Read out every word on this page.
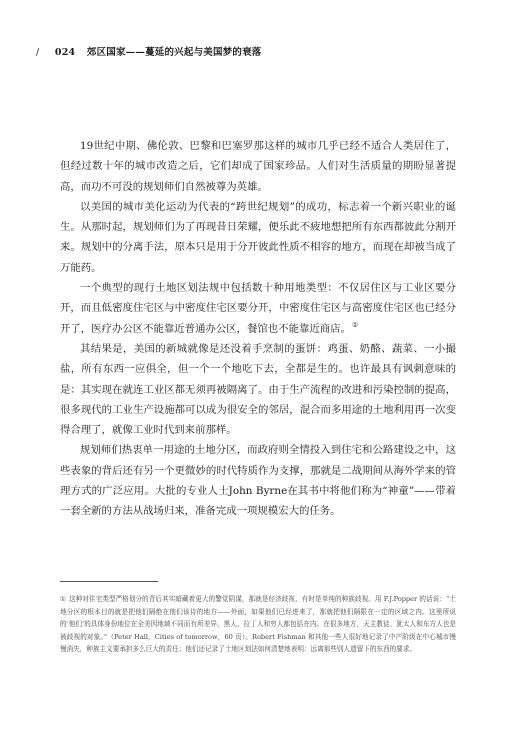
/ 024 郊区国家——蔓延的兴起与美国梦的衰落

19世纪中期、佛伦敦、巴黎和巴塞罗那这样的城市几乎已经不适合人类居住了，但经过数十年的城市改造之后，它们却成了国家珍品。人们对生活质量的期盼显著提高，而功不可没的规划师们自然被尊为英雄。

以美国的城市美化运动为代表的“跨世纪规划”的成功，标志着一个新兴职业的诞生。从那时起，规划师们为了再现昔日荣耀，便乐此不疲地想把所有东西都彼此分割开来。规划中的分离手法，原本只是用于分开彼此性质不相容的地方，而现在却被当成了万能药。

一个典型的现行土地区划法规中包括数十种用地类型：不仅居住区与工业区要分开，而且低密度住宅区与中密度住宅区要分开，中密度住宅区与高密度住宅区也已经分开了，医疗办公区不能靠近普通办公区，餐馆也不能靠近商店。①

其结果是，美国的新城就像是还没着手烹制的蛋饼：鸡蛋、奶酪、蔬菜、一小撮盐，所有东西一应俱全，但一个一个地吃下去，全都是生的。也许最具有讽刺意味的是：其实现在就连工业区都无须再被隔离了。由于生产流程的改进和污染控制的提高，很多现代的工业生产设施都可以成为很安全的邻居，混合而多用途的土地利用再一次变得合理了，就像工业时代到来前那样。

规划师们热衷单一用途的土地分区，而政府则全情投入到住宅和公路建设之中，这些表象的背后还有另一个更微妙的时代特质作为支撑，那就是二战期间从海外学来的管理方式的广泛应用。大批的专业人士John Byrne在其书中将他们称为“神童”——带着一套全新的方法从战场归来，准备完成一项规模宏大的任务。

① 这种对住宅类型严格划分的背后其实暗藏着更大的警觉阴谋，那就是经济歧视，有时是单纯的种族歧视。用 F.J.Popper 的话说：“土地分区的根本目的就是把他们隔绝在他们该待的地方——外面，如果他们已经进来了，那就把他们隔限在一定的区域之内。这里所说的‘他们’的具体身份地位在全美因地域不同而有所差异，黑人、拉丁人和穷人都包括在内。在很多地方，天主教徒、犹太人和东方人也是被歧视的对象。”（Peter Hall，Cities of tomorrow，60 页）。Robert Fishman 和其他一些人很好地记录了中产阶级在中心城市慢慢消失，种族主义要承担多么巨大的责任；他们还记录了土地区划法如何清楚地表明：远离那些别人遗留下的东西的要求。
